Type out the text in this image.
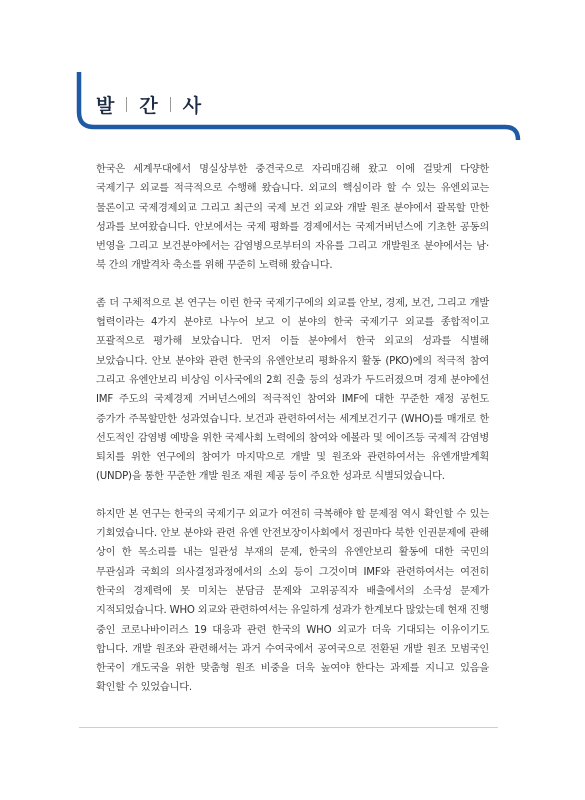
발 간 사

한국은 세계무대에서 명실상부한 중견국으로 자리매김해 왔고 이에 걸맞게 다양한 국제기구 외교를 적극적으로 수행해 왔습니다. 외교의 핵심이라 할 수 있는 유엔외교는 물론이고 국제경제외교 그리고 최근의 국제 보건 외교와 개발 원조 분야에서 괄목할 만한 성과를 보여왔습니다. 안보에서는 국제 평화를 경제에서는 국제거버넌스에 기초한 공동의 번영을 그리고 보건분야에서는 감염병으로부터의 자유를 그리고 개발원조 분야에서는 남·북 간의 개발격차 축소를 위해 꾸준히 노력해 왔습니다.

좀 더 구체적으로 본 연구는 이런 한국 국제기구에의 외교를 안보, 경제, 보건, 그리고 개발 협력이라는 4가지 분야로 나누어 보고 이 분야의 한국 국제기구 외교를 종합적이고 포괄적으로 평가해 보았습니다. 먼저 이들 분야에서 한국 외교의 성과를 식별해 보았습니다. 안보 분야와 관련 한국의 유엔안보리 평화유지 활동 (PKO)에의 적극적 참여 그리고 유엔안보리 비상임 이사국에의 2회 진출 등의 성과가 두드러졌으며 경제 분야에선 IMF 주도의 국제경제 거버넌스에의 적극적인 참여와 IMF에 대한 꾸준한 재정 공헌도 증가가 주목할만한 성과였습니다. 보건과 관련하여서는 세계보건기구 (WHO)를 매개로 한 선도적인 감염병 예방을 위한 국제사회 노력에의 참여와 에볼라 및 에이즈등 국제적 감염병 퇴치를 위한 연구에의 참여가 마지막으로 개발 및 원조와 관련하여서는 유엔개발계획 (UNDP)을 통한 꾸준한 개발 원조 재원 제공 등이 주요한 성과로 식별되었습니다.

하지만 본 연구는 한국의 국제기구 외교가 여전히 극복해야 할 문제점 역시 확인할 수 있는 기회였습니다. 안보 분야와 관련 유엔 안전보장이사회에서 정권마다 북한 인권문제에 관해 상이 한 목소리를 내는 일관성 부재의 문제, 한국의 유엔안보리 활동에 대한 국민의 무관심과 국회의 의사결정과정에서의 소외 등이 그것이며 IMF와 관련하여서는 여전히 한국의 경제력에 못 미치는 분담금 문제와 고위공직자 배출에서의 소극성 문제가 지적되었습니다. WHO 외교와 관련하여서는 유일하게 성과가 한계보다 많았는데 현재 진행 중인 코로나바이러스 19 대응과 관련 한국의 WHO 외교가 더욱 기대되는 이유이기도 합니다. 개발 원조와 관련해서는 과거 수여국에서 공여국으로 전환된 개발 원조 모범국인 한국이 개도국을 위한 맞춤형 원조 비중을 더욱 높여야 한다는 과제를 지니고 있음을 확인할 수 있었습니다.
